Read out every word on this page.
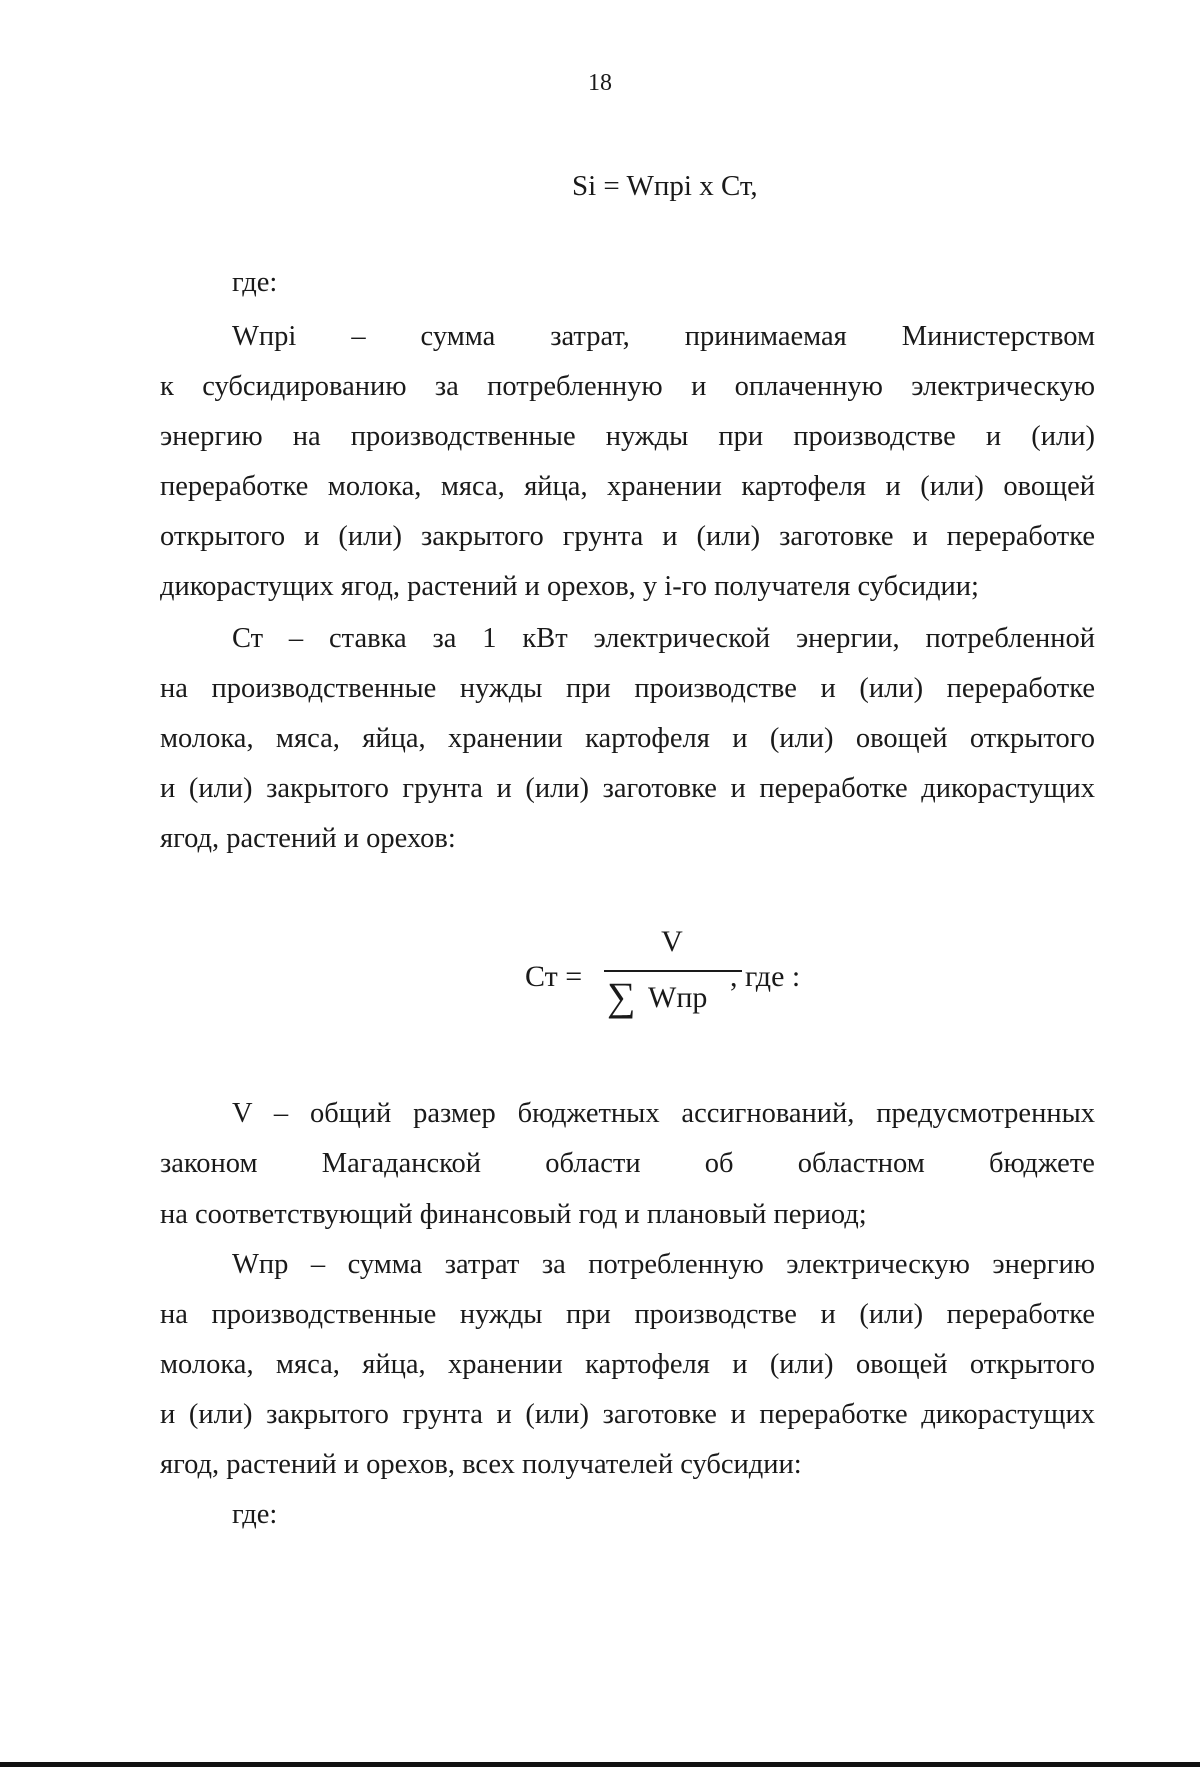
18
Si = Wпрi x Ст,
где:
Wпрi – сумма затрат, принимаемая Министерством
к субсидированию за потребленную и оплаченную электрическую
энергию на производственные нужды при производстве и (или)
переработке молока, мяса, яйца, хранении картофеля и (или) овощей
открытого и (или) закрытого грунта и (или) заготовке и переработке
дикорастущих ягод, растений и орехов, у i-го получателя субсидии;
Ст – ставка за 1 кВт электрической энергии, потребленной
на производственные нужды при производстве и (или) переработке
молока, мяса, яйца, хранении картофеля и (или) овощей открытого
и (или) закрытого грунта и (или) заготовке и переработке дикорастущих
ягод, растений и орехов:
Ст =
V
∑ Wпр
, где :
V – общий размер бюджетных ассигнований, предусмотренных
законом Магаданской области об областном бюджете
на соответствующий финансовый год и плановый период;
Wпр – сумма затрат за потребленную электрическую энергию
на производственные нужды при производстве и (или) переработке
молока, мяса, яйца, хранении картофеля и (или) овощей открытого
и (или) закрытого грунта и (или) заготовке и переработке дикорастущих
ягод, растений и орехов, всех получателей субсидии:
где:
